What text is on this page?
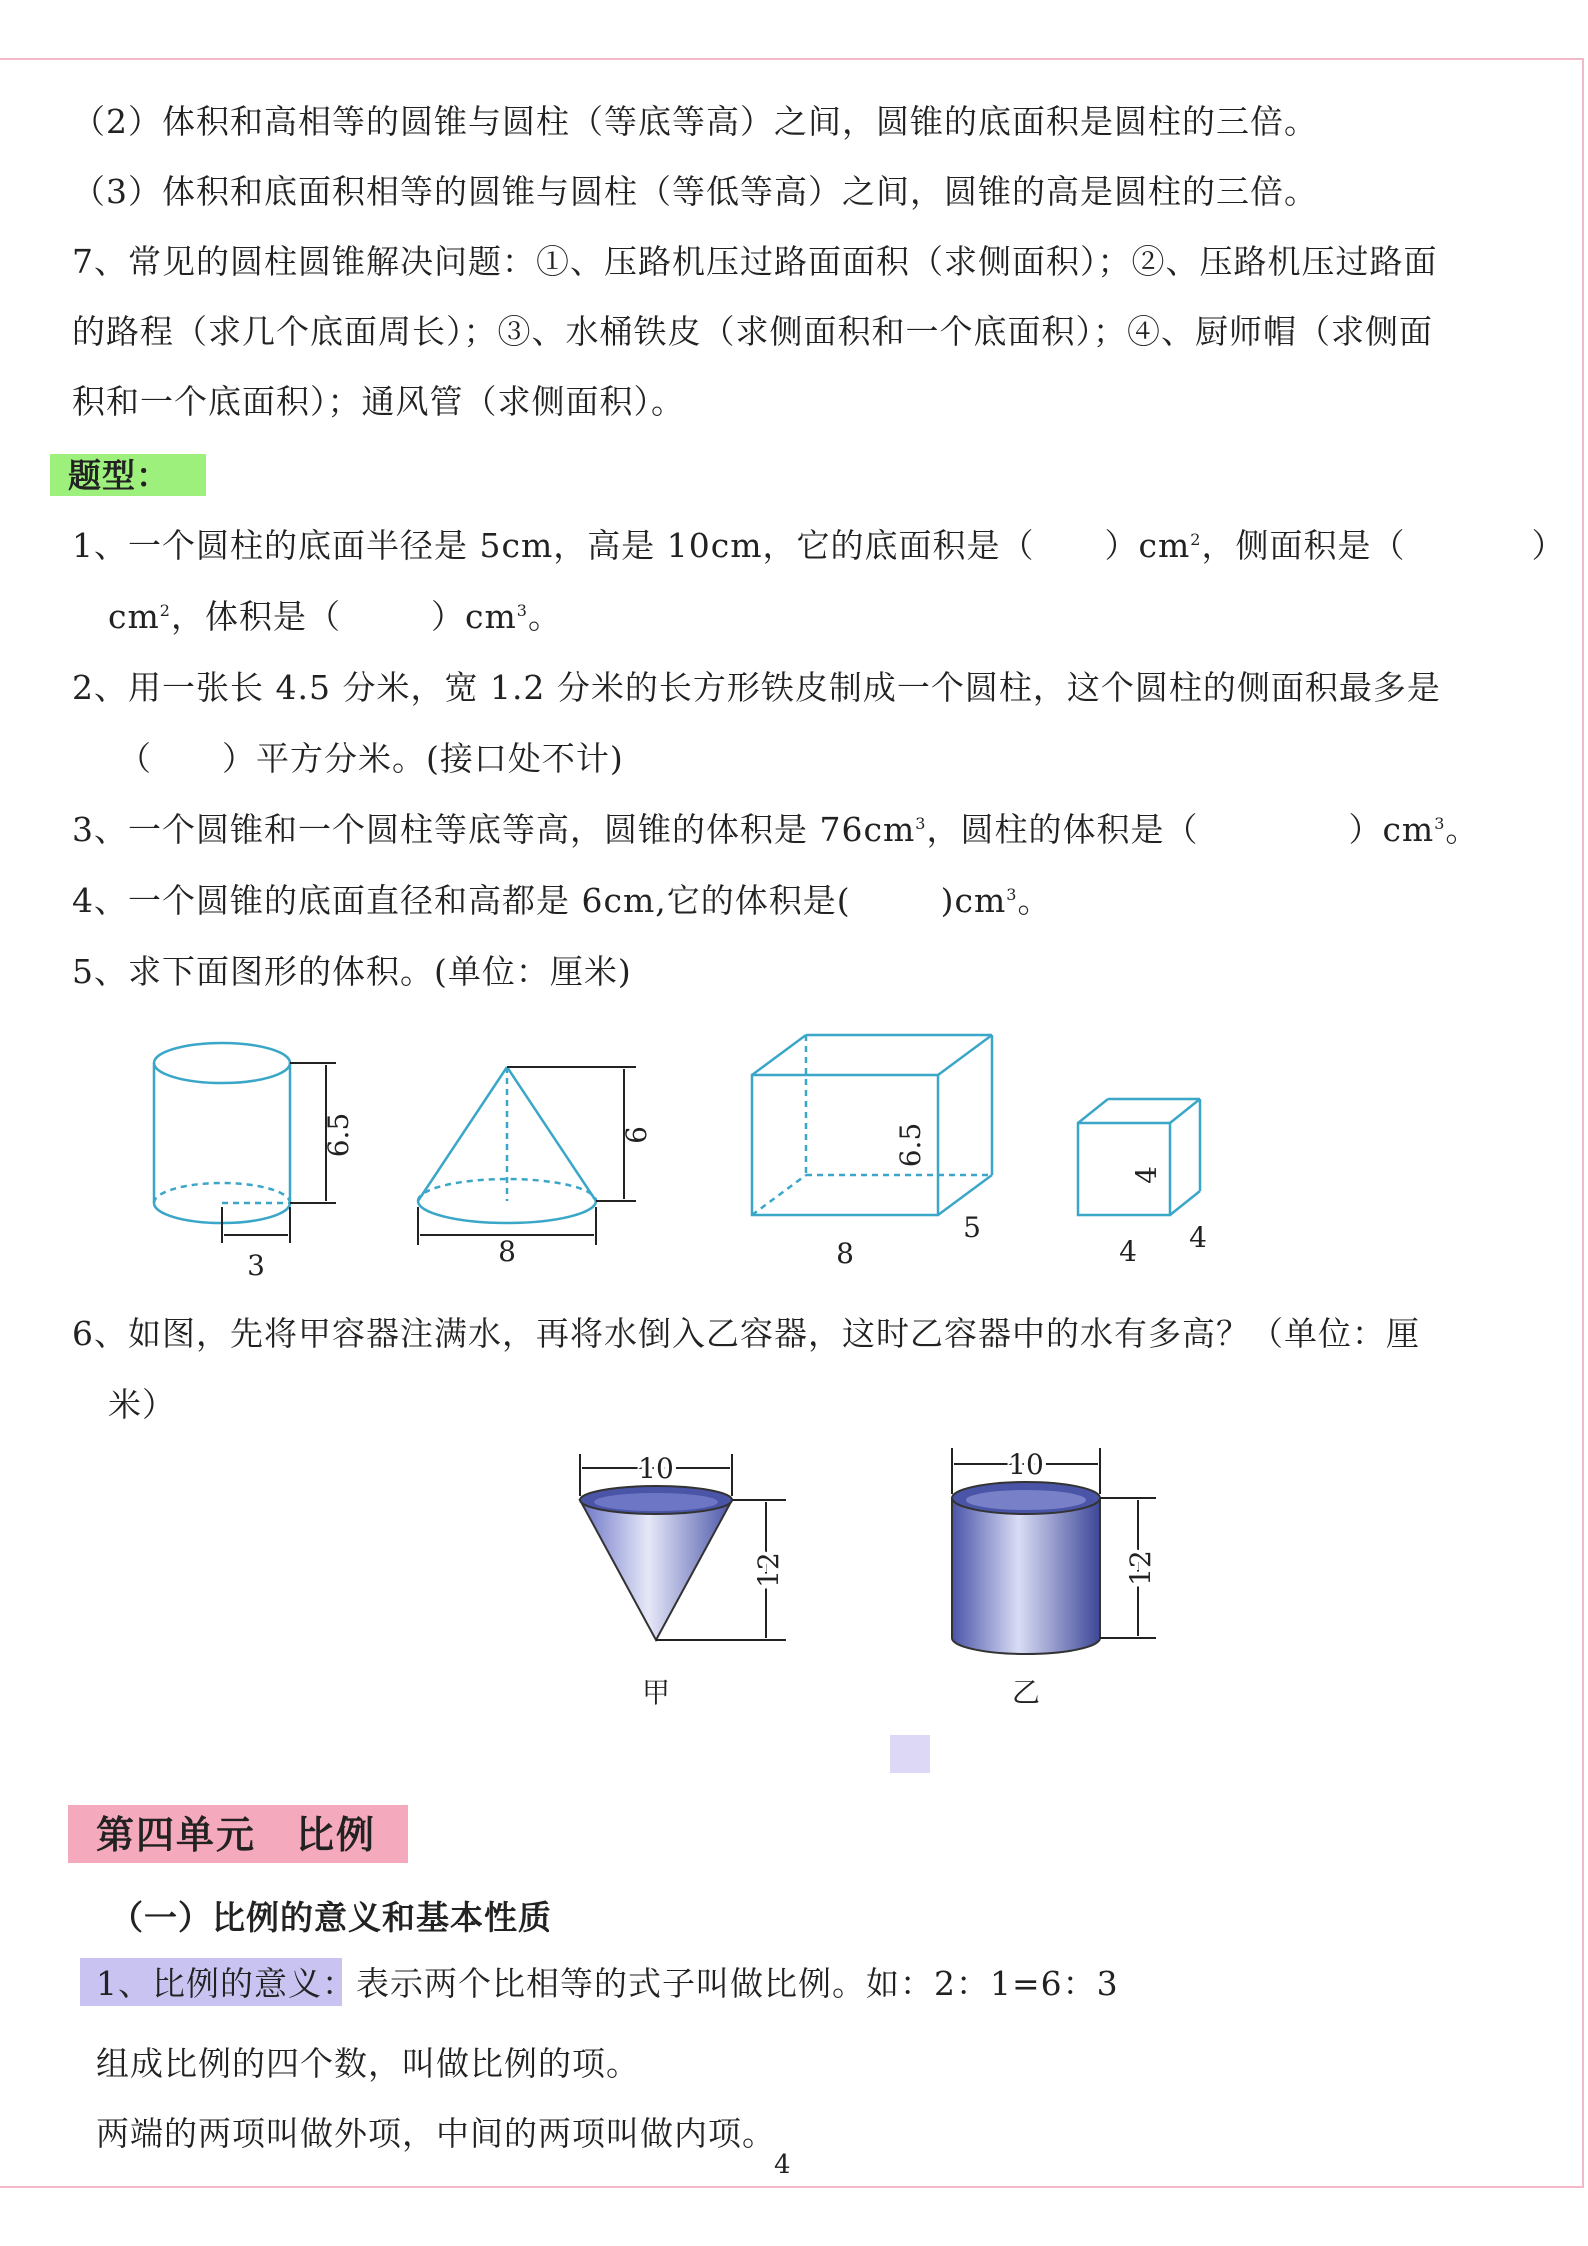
（2）体积和高相等的圆锥与圆柱（等底等高）之间，圆锥的底面积是圆柱的三倍。
（3）体积和底面积相等的圆锥与圆柱（等低等高）之间，圆锥的高是圆柱的三倍。
7、常见的圆柱圆锥解决问题：①、压路机压过路面面积（求侧面积）；②、压路机压过路面
的路程（求几个底面周长）；③、水桶铁皮（求侧面积和一个底面积）；④、厨师帽（求侧面
积和一个底面积）；通风管（求侧面积）。
题型：
1、一个圆柱的底面半径是 5cm，高是 10cm，它的底面积是（ ）$cm^2$，侧面积是（	）
$cm^2$，体积是（	）$cm^3$。
2、用一张长 4.5 分米，宽 1.2 分米的长方形铁皮制成一个圆柱，这个圆柱的侧面积最多是
（ ）平方分米。(接口处不计)
3、一个圆锥和一个圆柱等底等高，圆锥的体积是 $76cm^3$，圆柱的体积是（	）$cm^3$。
4、一个圆锥的底面直径和高都是 6cm,它的体积是(	)$cm^3$。
5、求下面图形的体积。(单位：厘米)
6.5
3
6
8
6.5
8
5
4
4 4
6、如图，先将甲容器注满水，再将水倒入乙容器，这时乙容器中的水有多高？（单位：厘
米）
10
12
甲
10
12
乙
第四单元　比例
（一）比例的意义和基本性质
1、比例的意义：表示两个比相等的式子叫做比例。如：2：1=6：3
组成比例的四个数，叫做比例的项。
两端的两项叫做外项，中间的两项叫做内项。
4
